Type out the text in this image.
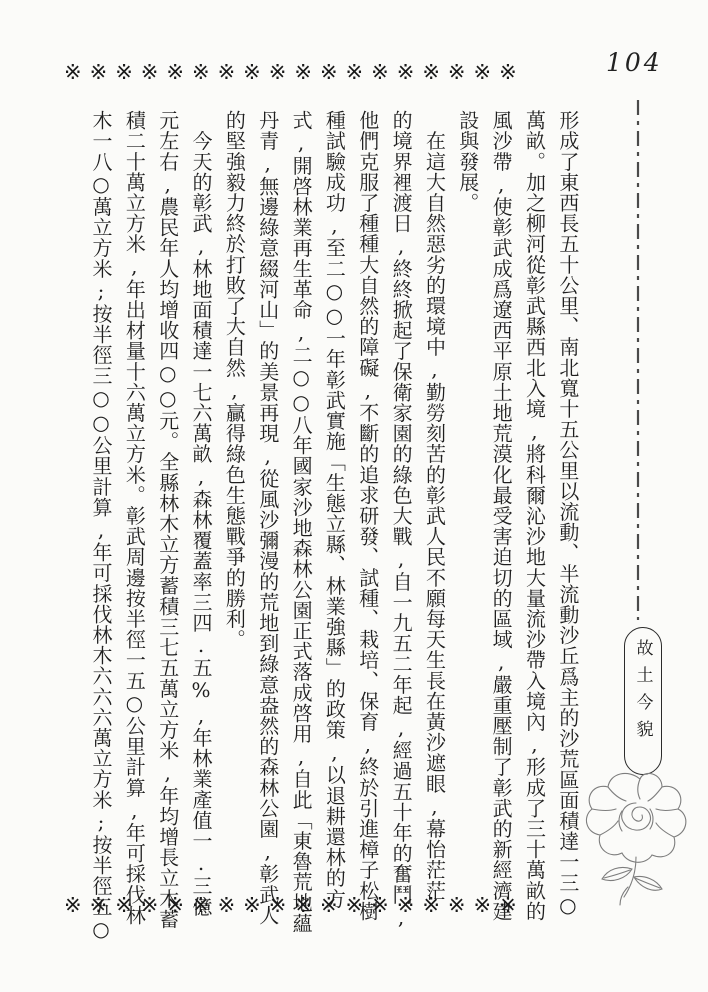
※※※※※※※※※※※※※※※※※※	104
故土今貌
形成了東西長五十公里、南北寬十五公里以流動、半流動沙丘爲主的沙荒區面積達一三○
萬畝。加之柳河從彰武縣西北入境,將科爾沁沙地大量流沙帶入境內,形成了三十萬畝的
風沙帶,使彰武成爲遼西平原土地荒漠化最受害迫切的區域,嚴重壓制了彰武的新經濟建
設與發展。
　在這大自然惡劣的環境中,勤勞刻苦的彰武人民不願每天生長在黃沙遮眼,幕怡茫茫
的境界裡渡日,終終掀起了保衛家園的綠色大戰,自一九五二年起,經過五十年的奮鬥,
他們克服了種種大自然的障礙,不斷的追求研發、試種、栽培、保育,終於引進樟子松樹
種試驗成功,至二○○一年彰武實施「生態立縣、林業強縣」的政策,以退耕還林的方
式,開啓林業再生革命,二○○八年國家沙地森林公園正式落成啓用,自此「東魯荒地蘊
丹青,無邊綠意綴河山」的美景再現,從風沙彌漫的荒地到綠意盎然的森林公園,彰武人
的堅強毅力終於打敗了大自然,贏得綠色生態戰爭的勝利。
　今天的彰武,林地面積達一七六萬畝,森林覆蓋率三四.五%,年林業產值一.三億
元左右,農民年人均增收四○○元。全縣林木立方蓄積三七五萬立方米,年均增長立木蓄
積二十萬立方米,年出材量十六萬立方米。彰武周邊按半徑一五○公里計算,年可採伐林
木一八○萬立方米;按半徑三○○公里計算,年可採伐林木六六六萬立方米;按半徑五○
※※※※※※※※※※※※※※※※※※
